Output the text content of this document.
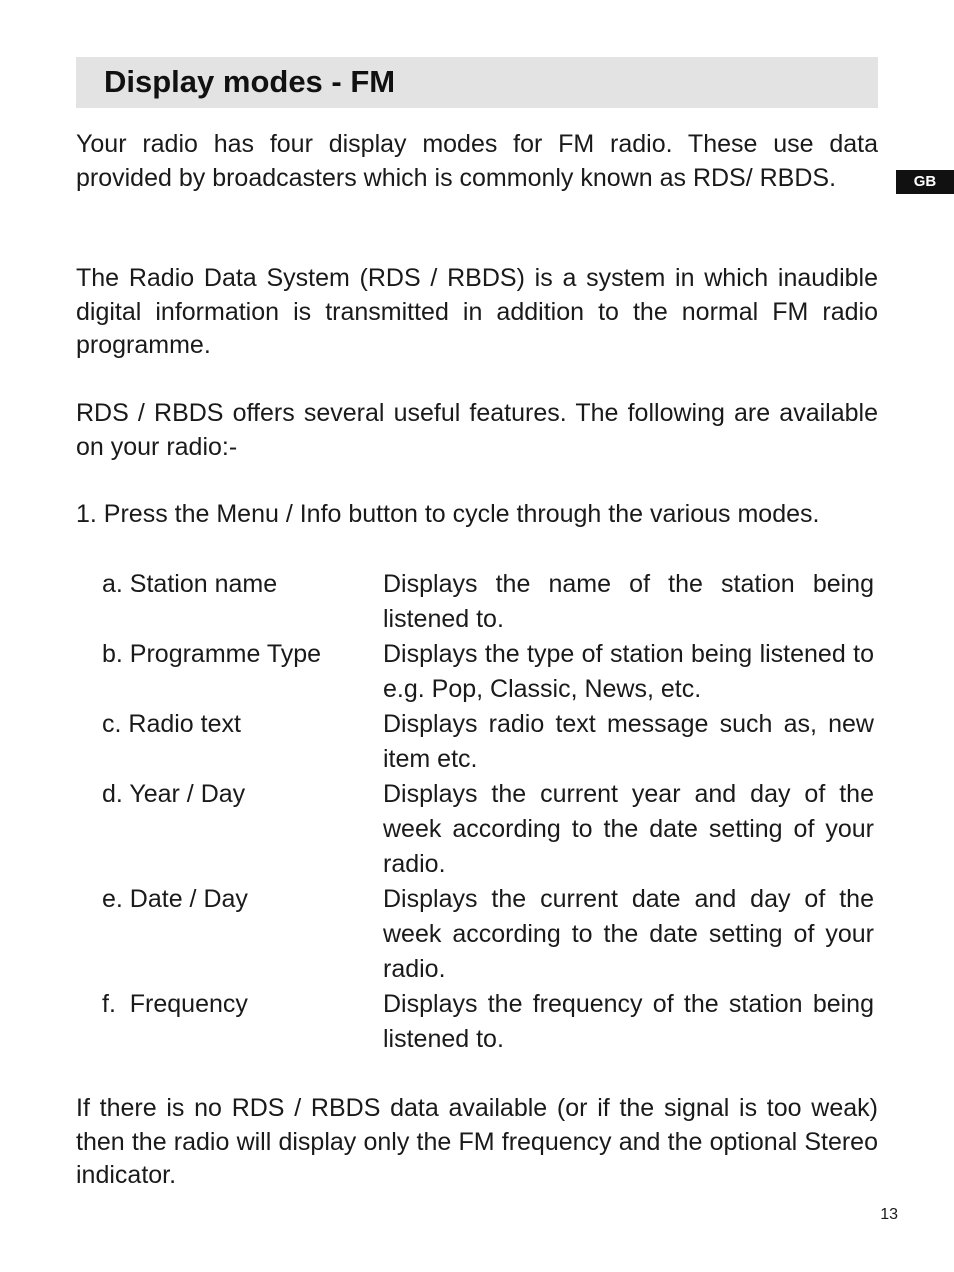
Display modes - FM
GB

Your radio has four display modes for FM radio. These use data provided by broadcasters which is commonly known as RDS/ RBDS.

The Radio Data System (RDS / RBDS) is a system in which inaudible digital information is transmitted in addition to the normal FM radio programme.

RDS / RBDS offers several useful features. The following are available on your radio:-

1. Press the Menu / Info button to cycle through the various modes.

a. Station name	Displays the name of the station being listened to.
b. Programme Type	Displays the type of station being listened to e.g. Pop, Classic, News, etc.
c. Radio text	Displays radio text message such as, new item etc.
d. Year / Day	Displays the current year and day of the week according to the date setting of your radio.
e. Date / Day	Displays the current date and day of the week according to the date setting of your radio.
f.  Frequency	Displays the frequency of the station being listened to.

If there is no RDS / RBDS data available (or if the signal is too weak) then the radio will display only the FM frequency and the optional Stereo indicator.

13
